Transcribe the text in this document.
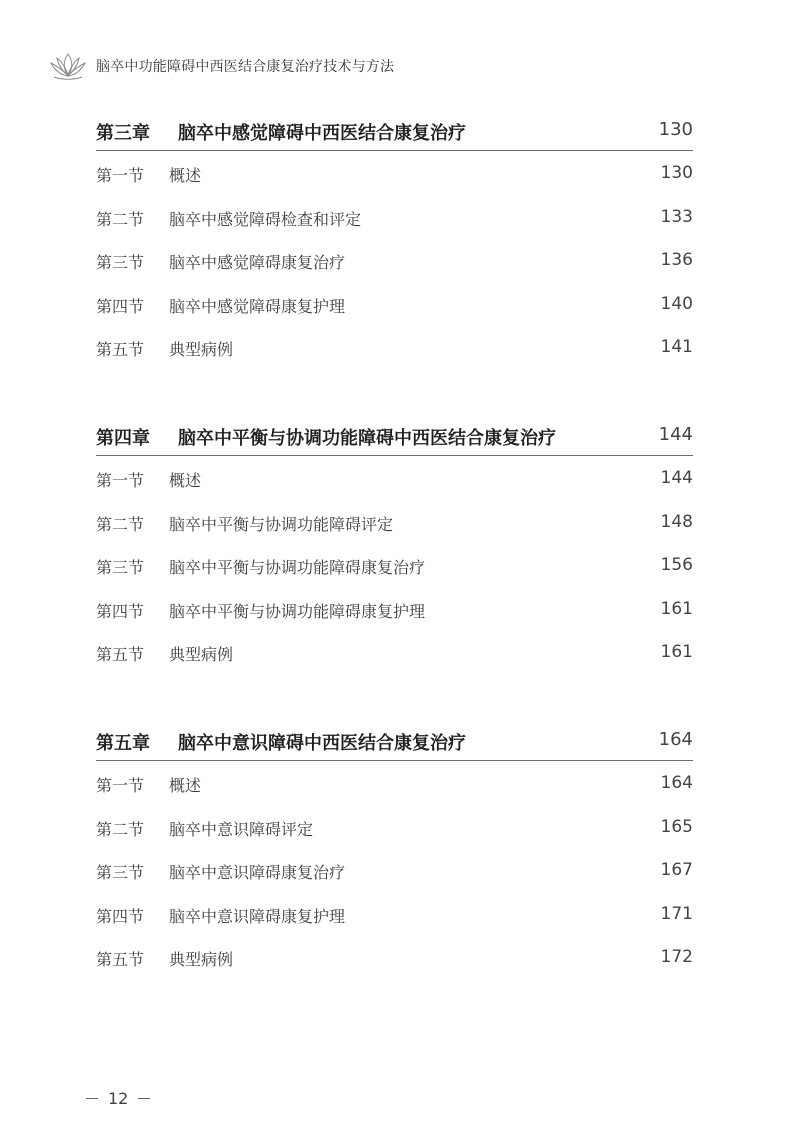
脑卒中功能障碍中西医结合康复治疗技术与方法
第三章 脑卒中感觉障碍中西医结合康复治疗	130
第一节 概述	130
第二节 脑卒中感觉障碍检查和评定	133
第三节 脑卒中感觉障碍康复治疗	136
第四节 脑卒中感觉障碍康复护理	140
第五节 典型病例	141
第四章 脑卒中平衡与协调功能障碍中西医结合康复治疗	144
第一节 概述	144
第二节 脑卒中平衡与协调功能障碍评定	148
第三节 脑卒中平衡与协调功能障碍康复治疗	156
第四节 脑卒中平衡与协调功能障碍康复护理	161
第五节 典型病例	161
第五章 脑卒中意识障碍中西医结合康复治疗	164
第一节 概述	164
第二节 脑卒中意识障碍评定	165
第三节 脑卒中意识障碍康复治疗	167
第四节 脑卒中意识障碍康复护理	171
第五节 典型病例	172
12
